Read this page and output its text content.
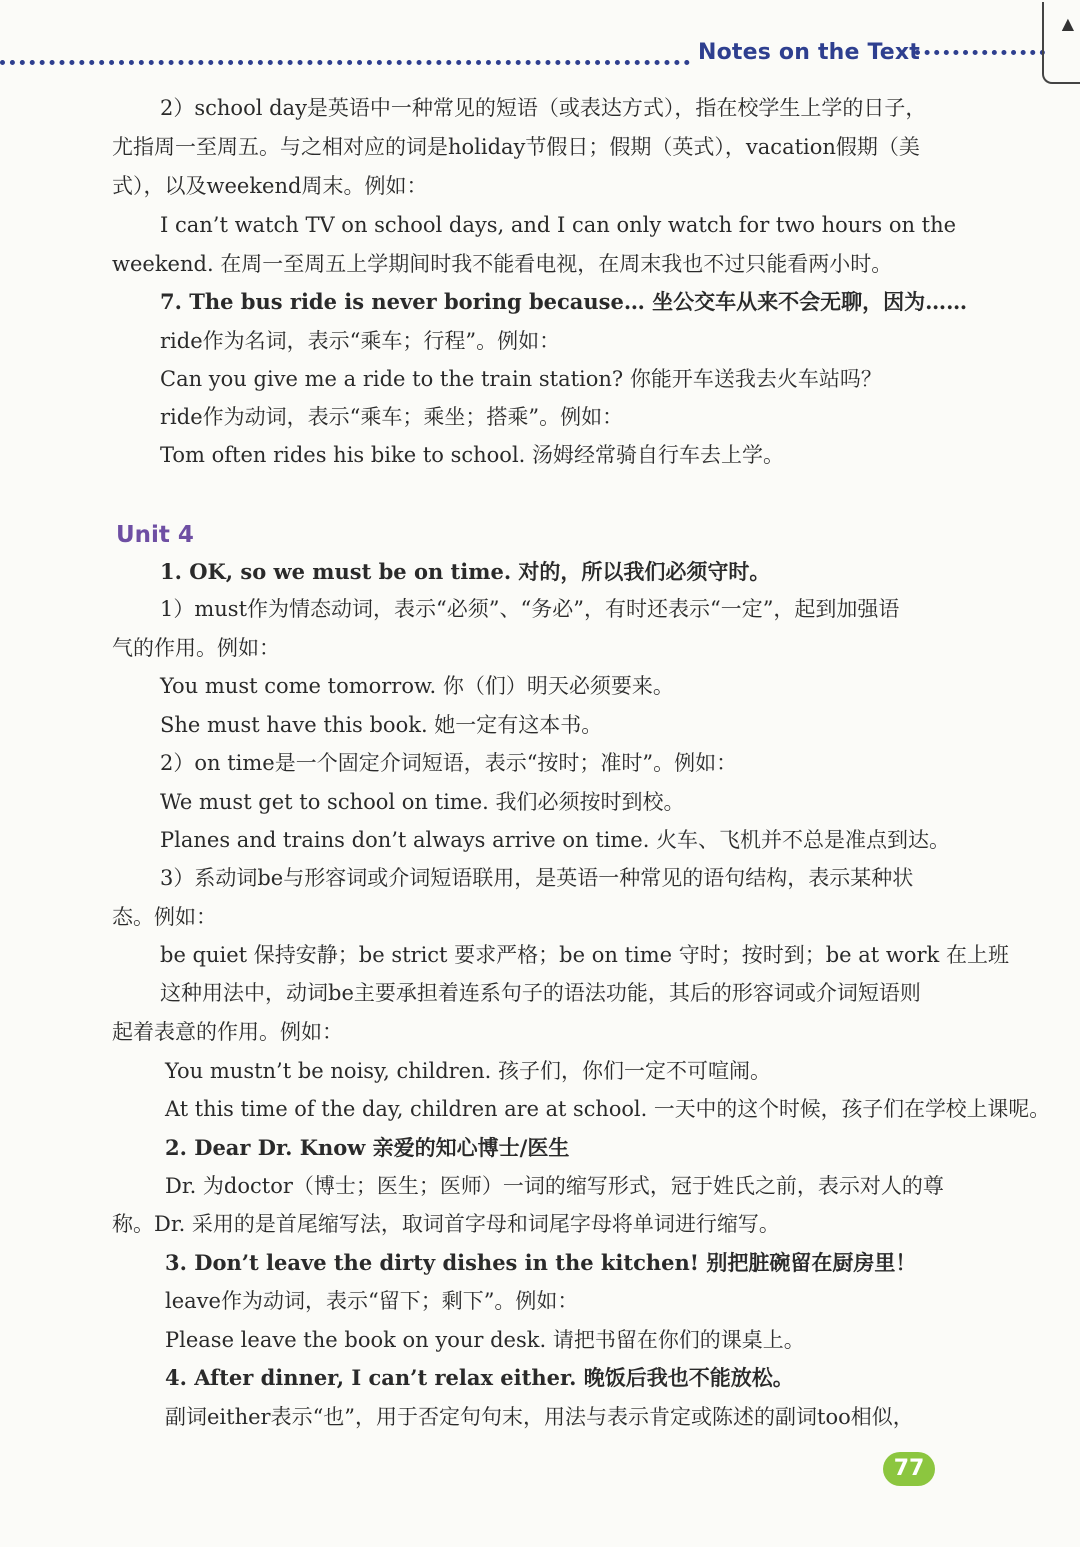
Notes on the Text
▲
2）school day是英语中一种常见的短语（或表达方式），指在校学生上学的日子，
尤指周一至周五。与之相对应的词是holiday节假日；假期（英式），vacation假期（美
式），以及weekend周末。例如：
I can’t watch TV on school days, and I can only watch for two hours on the
weekend. 在周一至周五上学期间时我不能看电视，在周末我也不过只能看两小时。
7. The bus ride is never boring because… 坐公交车从来不会无聊，因为……
ride作为名词，表示“乘车；行程”。例如：
Can you give me a ride to the train station? 你能开车送我去火车站吗？
ride作为动词，表示“乘车；乘坐；搭乘”。例如：
Tom often rides his bike to school. 汤姆经常骑自行车去上学。
Unit 4
1. OK, so we must be on time. 对的，所以我们必须守时。
1）must作为情态动词，表示“必须”、“务必”，有时还表示“一定”，起到加强语
气的作用。例如：
You must come tomorrow. 你（们）明天必须要来。
She must have this book. 她一定有这本书。
2）on time是一个固定介词短语，表示“按时；准时”。例如：
We must get to school on time. 我们必须按时到校。
Planes and trains don’t always arrive on time. 火车、飞机并不总是准点到达。
3）系动词be与形容词或介词短语联用，是英语一种常见的语句结构，表示某种状
态。例如：
be quiet 保持安静；be strict 要求严格；be on time 守时；按时到；be at work 在上班
这种用法中，动词be主要承担着连系句子的语法功能，其后的形容词或介词短语则
起着表意的作用。例如：
You mustn’t be noisy, children. 孩子们，你们一定不可喧闹。
At this time of the day, children are at school. 一天中的这个时候，孩子们在学校上课呢。
2. Dear Dr. Know 亲爱的知心博士/医生
Dr. 为doctor（博士；医生；医师）一词的缩写形式，冠于姓氏之前，表示对人的尊
称。Dr. 采用的是首尾缩写法，取词首字母和词尾字母将单词进行缩写。
3. Don’t leave the dirty dishes in the kitchen! 别把脏碗留在厨房里！
leave作为动词，表示“留下；剩下”。例如：
Please leave the book on your desk. 请把书留在你们的课桌上。
4. After dinner, I can’t relax either. 晚饭后我也不能放松。
副词either表示“也”，用于否定句句末，用法与表示肯定或陈述的副词too相似，
77
